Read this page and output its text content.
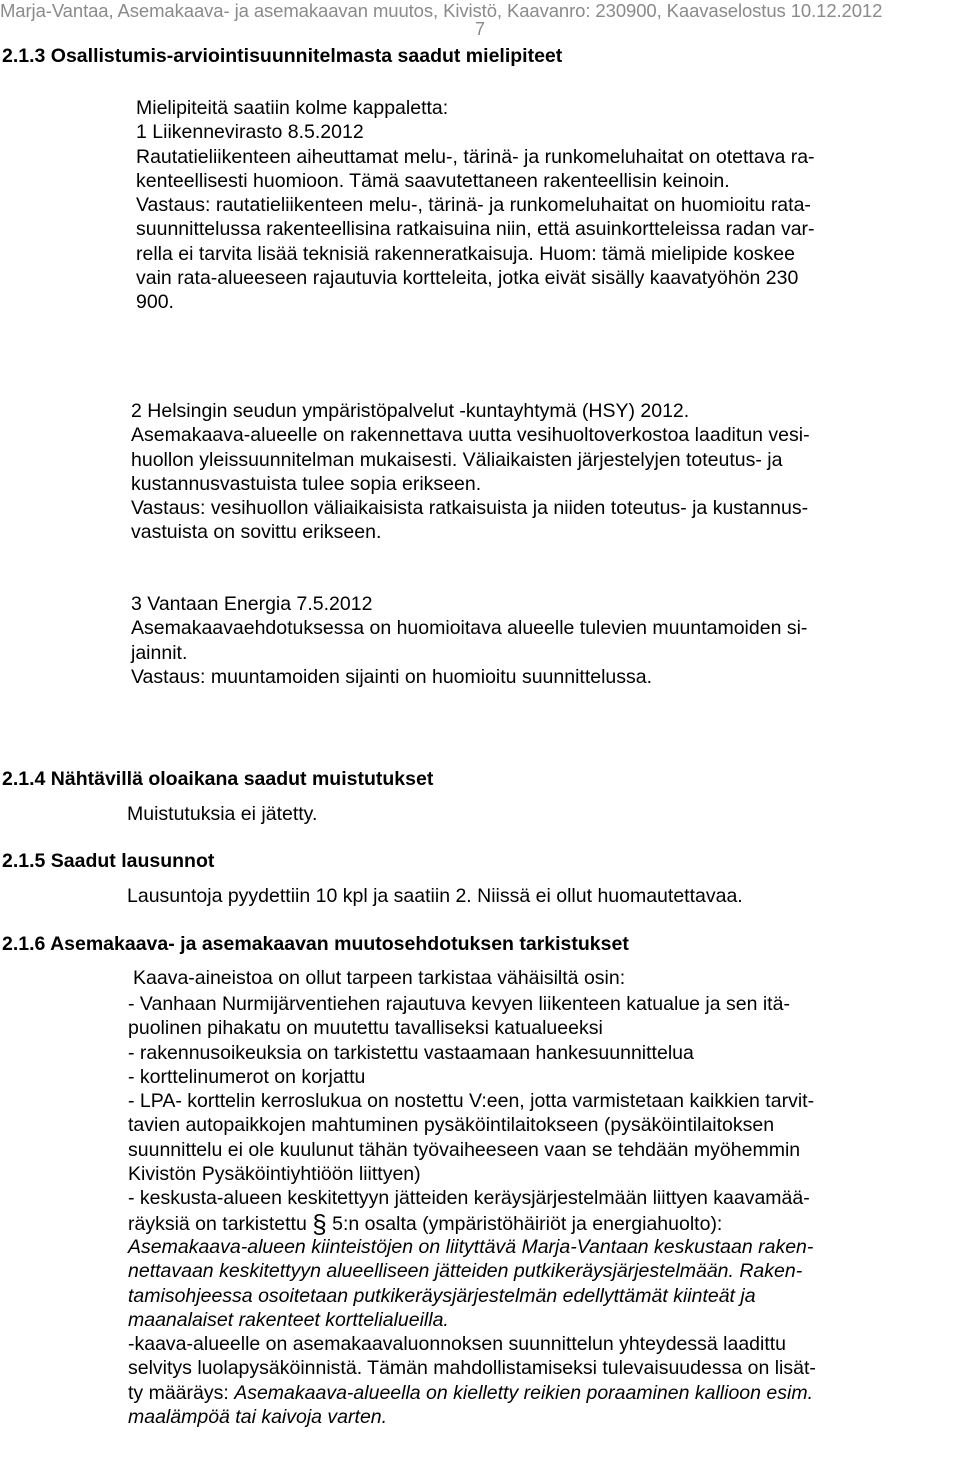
Marja-Vantaa, Asemakaava- ja asemakaavan muutos, Kivistö, Kaavanro: 230900, Kaavaselostus 10.12.2012
7
2.1.3 Osallistumis-arviointisuunnitelmasta saadut mielipiteet
Mielipiteitä saatiin kolme kappaletta:
1 Liikennevirasto 8.5.2012
Rautatieliikenteen aiheuttamat melu-, tärinä- ja runkomeluhaitat on otettava ra-
kenteellisesti huomioon. Tämä saavutettaneen rakenteellisin keinoin.
Vastaus: rautatieliikenteen melu-, tärinä- ja runkomeluhaitat on huomioitu rata-
suunnittelussa rakenteellisina ratkaisuina niin, että asuinkortteleissa radan var-
rella ei tarvita lisää teknisiä rakenneratkaisuja. Huom: tämä mielipide koskee
vain rata-alueeseen rajautuvia kortteleita, jotka eivät sisälly kaavatyöhön 230
900.
2 Helsingin seudun ympäristöpalvelut -kuntayhtymä (HSY) 2012.
Asemakaava-alueelle on rakennettava uutta vesihuoltoverkostoa laaditun vesi-
huollon yleissuunnitelman mukaisesti. Väliaikaisten järjestelyjen toteutus- ja
kustannusvastuista tulee sopia erikseen.
Vastaus: vesihuollon väliaikaisista ratkaisuista ja niiden toteutus- ja kustannus-
vastuista on sovittu erikseen.
3 Vantaan Energia 7.5.2012
Asemakaavaehdotuksessa on huomioitava alueelle tulevien muuntamoiden si-
jainnit.
Vastaus: muuntamoiden sijainti on huomioitu suunnittelussa.
2.1.4 Nähtävillä oloaikana saadut muistutukset
Muistutuksia ei jätetty.
2.1.5 Saadut lausunnot
Lausuntoja pyydettiin 10 kpl ja saatiin 2. Niissä ei ollut huomautettavaa.
2.1.6 Asemakaava- ja asemakaavan muutosehdotuksen tarkistukset
Kaava-aineistoa on ollut tarpeen tarkistaa vähäisiltä osin:
- Vanhaan Nurmijärventiehen rajautuva kevyen liikenteen katualue ja sen itä-
puolinen pihakatu on muutettu tavalliseksi katualueeksi
- rakennusoikeuksia on tarkistettu vastaamaan hankesuunnittelua
- korttelinumerot on korjattu
- LPA- korttelin kerroslukua on nostettu V:een, jotta varmistetaan kaikkien tarvit-
tavien autopaikkojen mahtuminen pysäköintilaitokseen (pysäköintilaitoksen
suunnittelu ei ole kuulunut tähän työvaiheeseen vaan se tehdään myöhemmin
Kivistön Pysäköintiyhtiöön liittyen)
- keskusta-alueen keskitettyyn jätteiden keräysjärjestelmään liittyen kaavamää-
räyksiä on tarkistettu § 5:n osalta (ympäristöhäiriöt ja energiahuolto):
Asemakaava-alueen kiinteistöjen on liityttävä Marja-Vantaan keskustaan raken-
nettavaan keskitettyyn alueelliseen jätteiden putkikeräysjärjestelmään. Raken-
tamisohjeessa osoitetaan putkikeräysjärjestelmän edellyttämät kiinteät ja
maanalaiset rakenteet korttelialueilla.
-kaava-alueelle on asemakaavaluonnoksen suunnittelun yhteydessä laadittu
selvitys luolapysäköinnistä. Tämän mahdollistamiseksi tulevaisuudessa on lisät-
ty määräys: Asemakaava-alueella on kielletty reikien poraaminen kallioon esim.
maalämpöä tai kaivoja varten.
